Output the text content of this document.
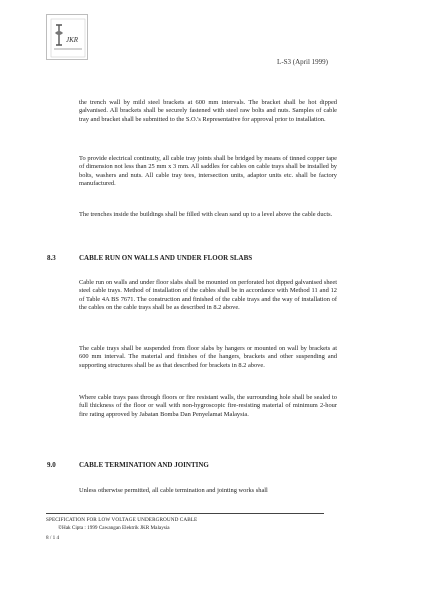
JKR
L-S3 (April 1999)
the trench wall by mild steel brackets at 600 mm intervals. The bracket shall be hot dipped galvanised. All brackets shall be securely fastened with steel raw bolts and nuts. Samples of cable tray and bracket shall be submitted to the S.O.'s Representative for approval prior to installation.
To provide electrical continuity, all cable tray joints shall be bridged by means of tinned copper tape of dimension not less than 25 mm x 3 mm. All saddles for cables on cable trays shall be installed by bolts, washers and nuts. All cable tray tees, intersection units, adaptor units etc. shall be factory manufactured.
The trenches inside the buildings shall be filled with clean sand up to a level above the cable ducts.
8.3	CABLE RUN ON WALLS AND UNDER FLOOR SLABS
Cable run on walls and under floor slabs shall be mounted on perforated hot dipped galvanised sheet steel cable trays. Method of installation of the cables shall be in accordance with Method 11 and 12 of Table 4A BS 7671. The construction and finished of the cable trays and the way of installation of the cables on the cable trays shall be as described in 8.2 above.
The cable trays shall be suspended from floor slabs by hangers or mounted on wall by brackets at 600 mm interval. The material and finishes of the hangers, brackets and other suspending and supporting structures shall be as that described for brackets in 8.2 above.
Where cable trays pass through floors or fire resistant walls, the surrounding hole shall be sealed to full thickness of the floor or wall with non-hygroscopic fire-resisting material of minimum 2-hour fire rating approved by Jabatan Bomba Dan Penyelamat Malaysia.
9.0	CABLE TERMINATION AND JOINTING
Unless otherwise permitted, all cable termination and jointing works shall
SPECIFICATION FOR LOW VOLTAGE UNDERGROUND CABLE
©Hak Cipta : 1999 Cawangan Elektrik JKR Malaysia
8 / 1 4
